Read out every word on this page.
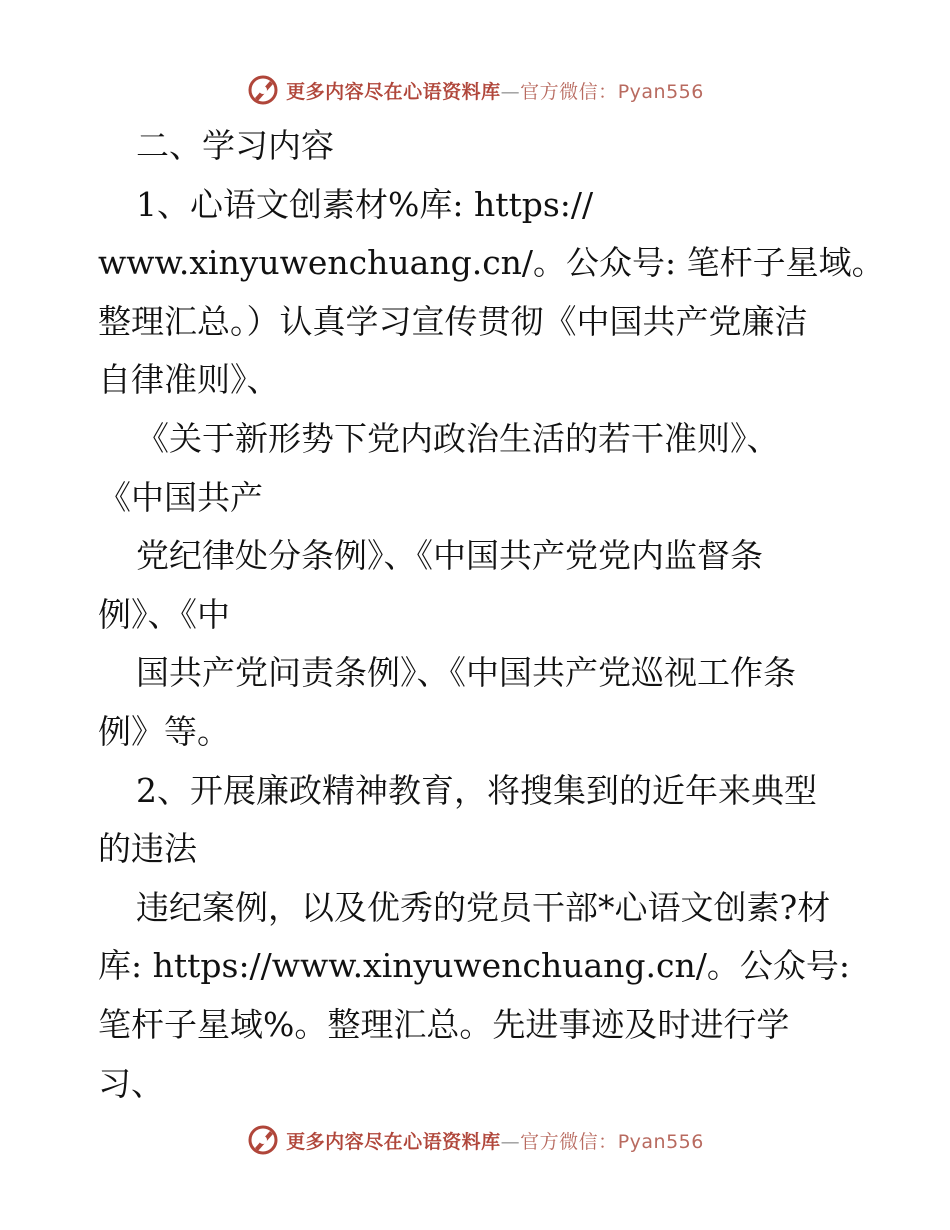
更多内容尽在心语资料库—官方微信：Pyan556
二、学习内容
1、心语文创素材%库: https://
www.xinyuwenchuang.cn/。公众号: 笔杆子星域。
整理汇总。）认真学习宣传贯彻《中国共产党廉洁
自律准则》、
《关于新形势下党内政治生活的若干准则》、
《中国共产
党纪律处分条例》、《中国共产党党内监督条
例》、《中
国共产党问责条例》、《中国共产党巡视工作条
例》等。
2、开展廉政精神教育，将搜集到的近年来典型
的违法
违纪案例，以及优秀的党员干部*心语文创素?材
库: https://www.xinyuwenchuang.cn/。公众号:
笔杆子星域%。整理汇总。先进事迹及时进行学
习、
更多内容尽在心语资料库—官方微信：Pyan556
